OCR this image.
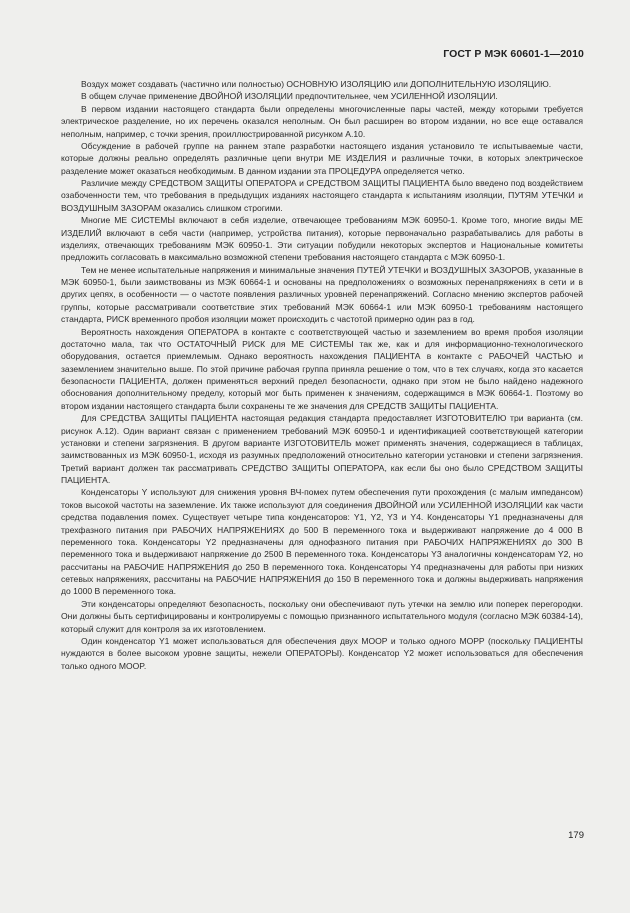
ГОСТ Р МЭК 60601-1—2010

Воздух может создавать (частично или полностью) ОСНОВНУЮ ИЗОЛЯЦИЮ или ДОПОЛНИТЕЛЬНУЮ ИЗОЛЯЦИЮ.

В общем случае применение ДВОЙНОЙ ИЗОЛЯЦИИ предпочтительнее, чем УСИЛЕННОЙ ИЗОЛЯЦИИ.

В первом издании настоящего стандарта были определены многочисленные пары частей, между которыми требуется электрическое разделение, но их перечень оказался неполным. Он был расширен во втором издании, но все еще оставался неполным, например, с точки зрения, проиллюстрированной рисунком А.10.

Обсуждение в рабочей группе на раннем этапе разработки настоящего издания установило те испытываемые части, которые должны реально определять различные цепи внутри МЕ ИЗДЕЛИЯ и различные точки, в которых электрическое разделение может оказаться необходимым. В данном издании эта ПРОЦЕДУРА определяется четко.

Различие между СРЕДСТВОМ ЗАЩИТЫ ОПЕРАТОРА и СРЕДСТВОМ ЗАЩИТЫ ПАЦИЕНТА было введено под воздействием озабоченности тем, что требования в предыдущих изданиях настоящего стандарта к испытаниям изоляции, ПУТЯМ УТЕЧКИ и ВОЗДУШНЫМ ЗАЗОРАМ оказались слишком строгими.

Многие МЕ СИСТЕМЫ включают в себя изделие, отвечающее требованиям МЭК 60950-1. Кроме того, многие виды МЕ ИЗДЕЛИЙ включают в себя части (например, устройства питания), которые первоначально разрабатывались для работы в изделиях, отвечающих требованиям МЭК 60950-1. Эти ситуации побудили некоторых экспертов и Национальные комитеты предложить согласовать в максимально возможной степени требования настоящего стандарта с МЭК 60950-1.

Тем не менее испытательные напряжения и минимальные значения ПУТЕЙ УТЕЧКИ и ВОЗДУШНЫХ ЗАЗОРОВ, указанные в МЭК 60950-1, были заимствованы из МЭК 60664-1 и основаны на предположениях о возможных перенапряжениях в сети и в других цепях, в особенности — о частоте появления различных уровней перенапряжений. Согласно мнению экспертов рабочей группы, которые рассматривали соответствие этих требований МЭК 60664-1 или МЭК 60950-1 требованиям настоящего стандарта, РИСК временного пробоя изоляции может происходить с частотой примерно один раз в год.

Вероятность нахождения ОПЕРАТОРА в контакте с соответствующей частью и заземлением во время пробоя изоляции достаточно мала, так что ОСТАТОЧНЫЙ РИСК для МЕ СИСТЕМЫ так же, как и для информационно-технологического оборудования, остается приемлемым. Однако вероятность нахождения ПАЦИЕНТА в контакте с РАБОЧЕЙ ЧАСТЬЮ и заземлением значительно выше. По этой причине рабочая группа приняла решение о том, что в тех случаях, когда это касается безопасности ПАЦИЕНТА, должен применяться верхний предел безопасности, однако при этом не было найдено надежного обоснования дополнительному пределу, который мог быть применен к значениям, содержащимся в МЭК 60664-1. Поэтому во втором издании настоящего стандарта были сохранены те же значения для СРЕДСТВ ЗАЩИТЫ ПАЦИЕНТА.

Для СРЕДСТВА ЗАЩИТЫ ПАЦИЕНТА настоящая редакция стандарта предоставляет ИЗГОТОВИТЕЛЮ три варианта (см. рисунок А.12). Один вариант связан с применением требований МЭК 60950-1 и идентификацией соответствующей категории установки и степени загрязнения. В другом варианте ИЗГОТОВИТЕЛЬ может применять значения, содержащиеся в таблицах, заимствованных из МЭК 60950-1, исходя из разумных предположений относительно категории установки и степени загрязнения. Третий вариант должен так рассматривать СРЕДСТВО ЗАЩИТЫ ОПЕРАТОРА, как если бы оно было СРЕДСТВОМ ЗАЩИТЫ ПАЦИЕНТА.

Конденсаторы Y используют для снижения уровня ВЧ-помех путем обеспечения пути прохождения (с малым импедансом) токов высокой частоты на заземление. Их также используют для соединения ДВОЙНОЙ или УСИЛЕННОЙ ИЗОЛЯЦИИ как части средства подавления помех. Существует четыре типа конденсаторов: Y1, Y2, Y3 и Y4. Конденсаторы Y1 предназначены для трехфазного питания при РАБОЧИХ НАПРЯЖЕНИЯХ до 500 В переменного тока и выдерживают напряжение до 4 000 В переменного тока. Конденсаторы Y2 предназначены для однофазного питания при РАБОЧИХ НАПРЯЖЕНИЯХ до 300 В переменного тока и выдерживают напряжение до 2500 В переменного тока. Конденсаторы Y3 аналогичны конденсаторам Y2, но рассчитаны на РАБОЧИЕ НАПРЯЖЕНИЯ до 250 В переменного тока. Конденсаторы Y4 предназначены для работы при низких сетевых напряжениях, рассчитаны на РАБОЧИЕ НАПРЯЖЕНИЯ до 150 В переменного тока и должны выдерживать напряжения до 1000 В переменного тока.

Эти конденсаторы определяют безопасность, поскольку они обеспечивают путь утечки на землю или поперек перегородки. Они должны быть сертифицированы и контролируемы с помощью признанного испытательного модуля (согласно МЭК 60384-14), который служит для контроля за их изготовлением.

Один конденсатор Y1 может использоваться для обеспечения двух MOOP и только одного MOPP (поскольку ПАЦИЕНТЫ нуждаются в более высоком уровне защиты, нежели ОПЕРАТОРЫ). Конденсатор Y2 может использоваться для обеспечения только одного MOOP.

179
